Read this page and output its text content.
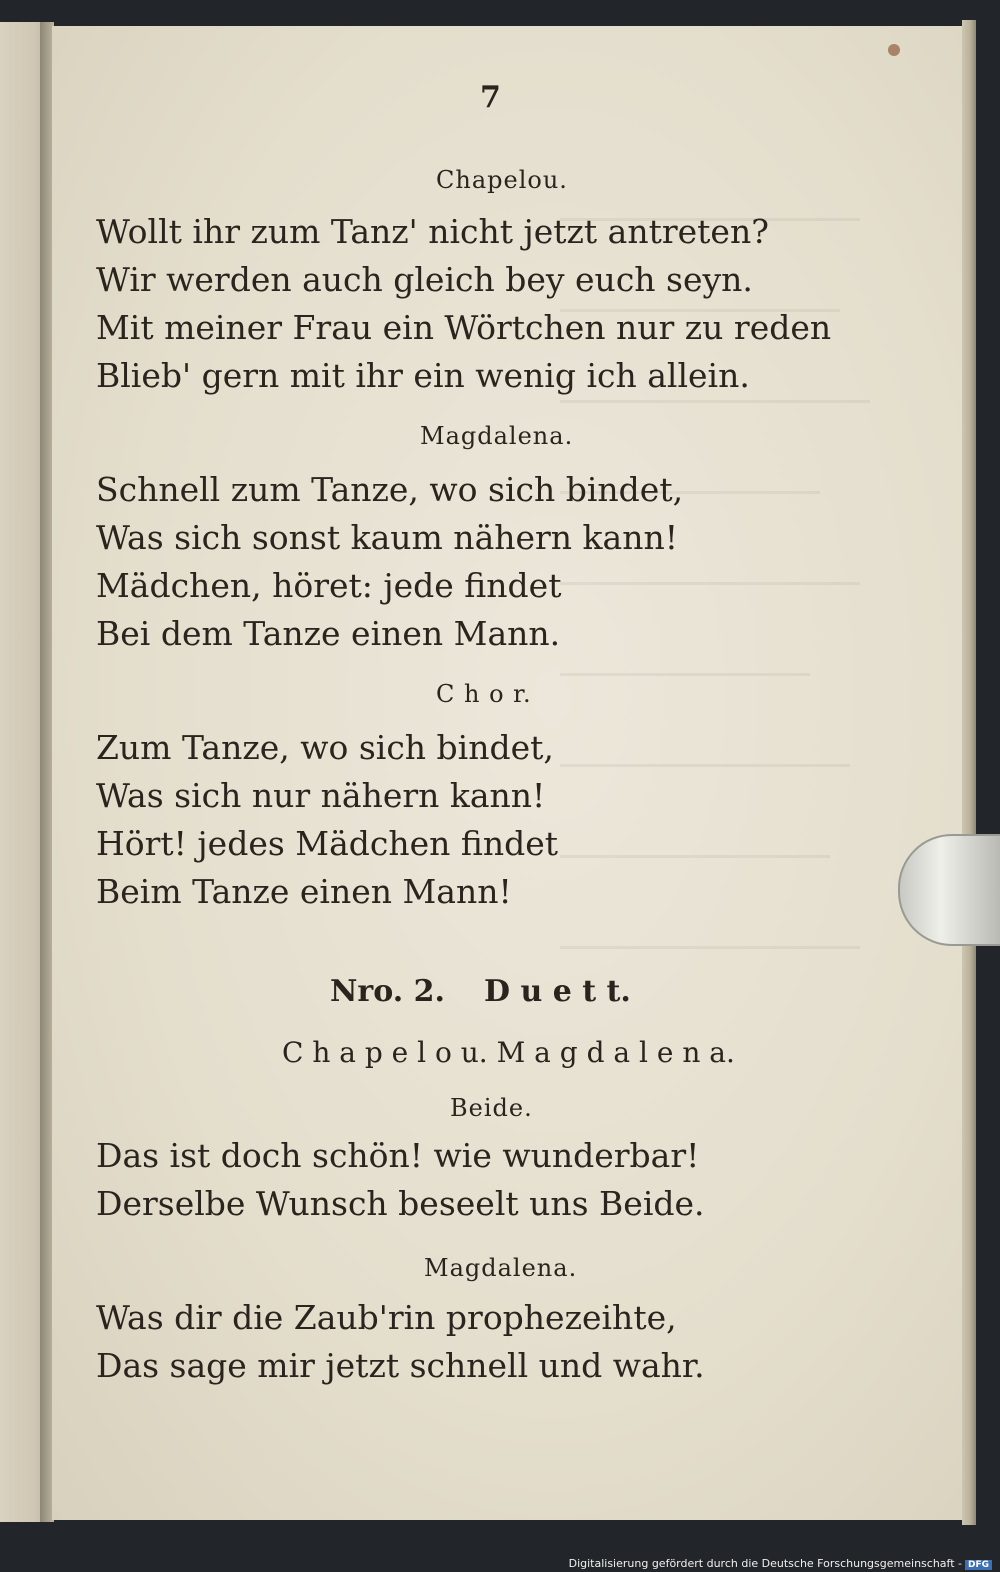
7
Chapelou.
Wollt ihr zum Tanz' nicht jetzt antreten?
Wir werden auch gleich bey euch seyn.
Mit meiner Frau ein Wörtchen nur zu reden
Blieb' gern mit ihr ein wenig ich allein.
Magdalena.
Schnell zum Tanze, wo sich bindet,
Was sich sonst kaum nähern kann!
Mädchen, höret: jede findet
Bei dem Tanze einen Mann.
C h o r.
Zum Tanze, wo sich bindet,
Was sich nur nähern kann!
Hört! jedes Mädchen findet
Beim Tanze einen Mann!
Nro. 2. D u e t t.
C h a p e l o u. M a g d a l e n a.
Beide.
Das ist doch schön! wie wunderbar!
Derselbe Wunsch beseelt uns Beide.
Magdalena.
Was dir die Zaub'rin prophezeihte,
Das sage mir jetzt schnell und wahr.
Digitalisierung gefördert durch die Deutsche Forschungsgemeinschaft - DFG
